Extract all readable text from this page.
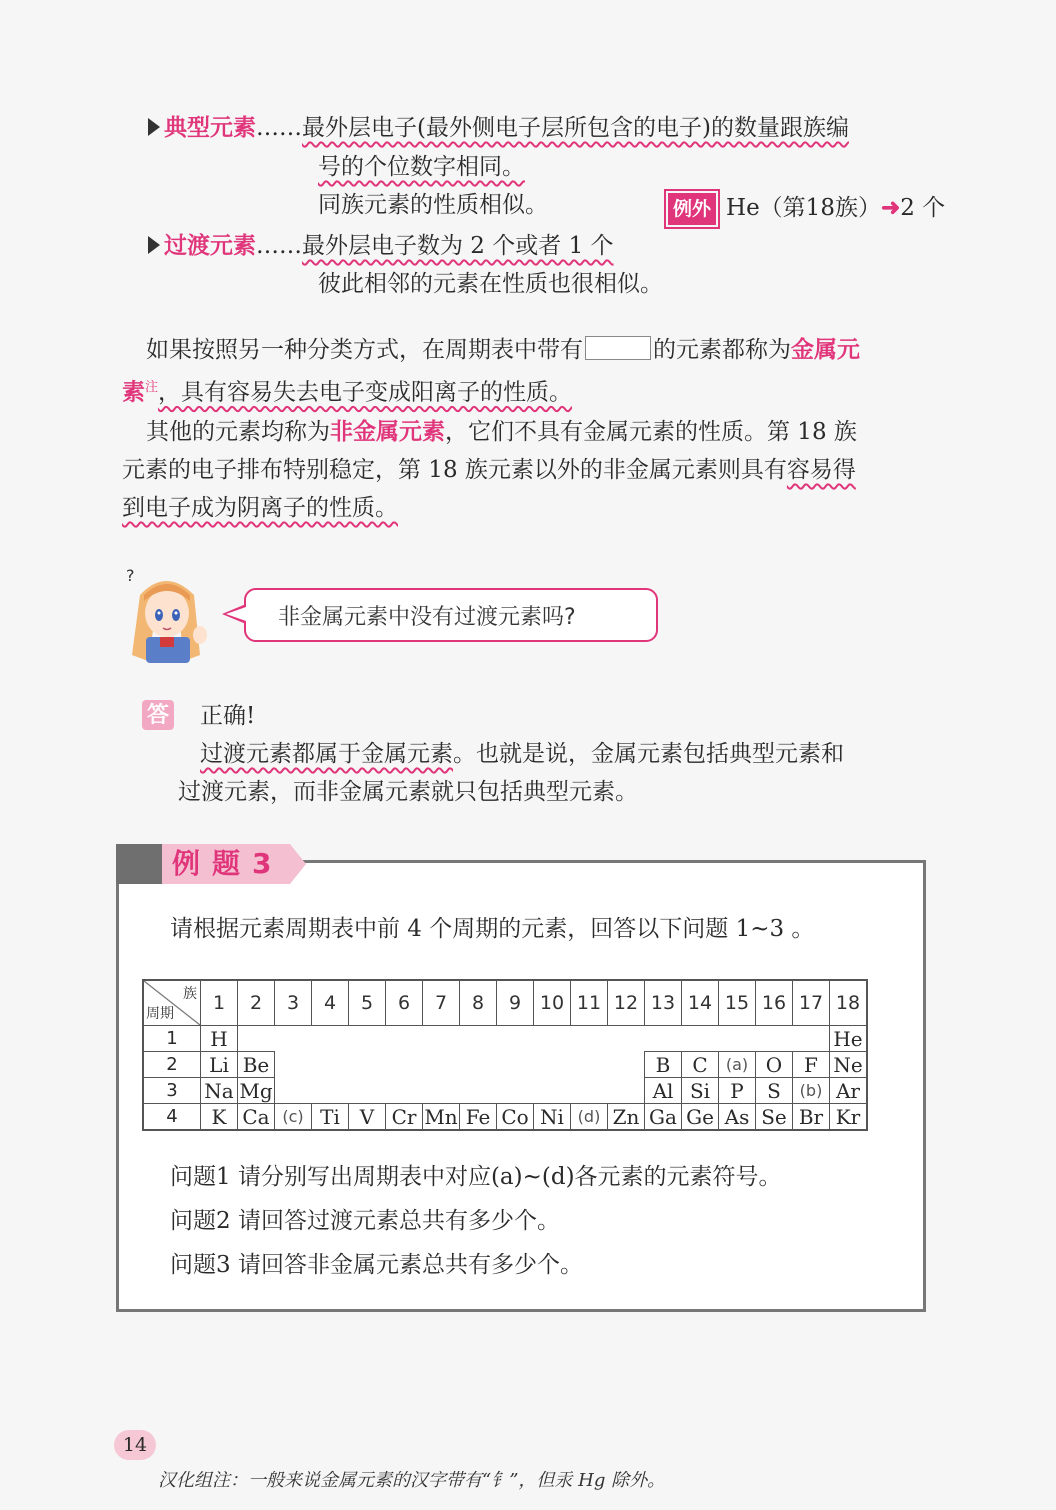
典型元素……最外层电子(最外侧电子层所包含的电子)的数量跟族编
号的个位数字相同。
同族元素的性质相似。	例外 He（第18族）➜2 个
过渡元素……最外层电子数为 2 个或者 1 个
彼此相邻的元素在性质也很相似。
如果按照另一种分类方式，在周期表中带有	的元素都称为金属元
素$^注$，具有容易失去电子变成阳离子的性质。
其他的元素均称为非金属元素，它们不具有金属元素的性质。第 18 族
元素的电子排布特别稳定，第 18 族元素以外的非金属元素则具有容易得
到电子成为阴离子的性质。
?
非金属元素中没有过渡元素吗?
答 正确!
过渡元素都属于金属元素。也就是说，金属元素包括典型元素和
过渡元素，而非金属元素就只包括典型元素。
例题3
请根据元素周期表中前 4 个周期的元素，回答以下问题 1~3 。
族
周期	1	2	3	4	5	6	7	8	9	10	11	12	13	14	15	16	17	18
1	H																	He
2	Li	Be											B	C	(a)	O	F	Ne
3	Na	Mg											Al	Si	P	S	(b)	Ar
4	K	Ca	(c)	Ti	V	Cr	Mn	Fe	Co	Ni	(d)	Zn	Ga	Ge	As	Se	Br	Kr
问题1 请分别写出周期表中对应(a)~(d)各元素的元素符号。
问题2 请回答过渡元素总共有多少个。
问题3 请回答非金属元素总共有多少个。
14
汉化组注：一般来说金属元素的汉字带有“钅”，但汞 Hg 除外。
